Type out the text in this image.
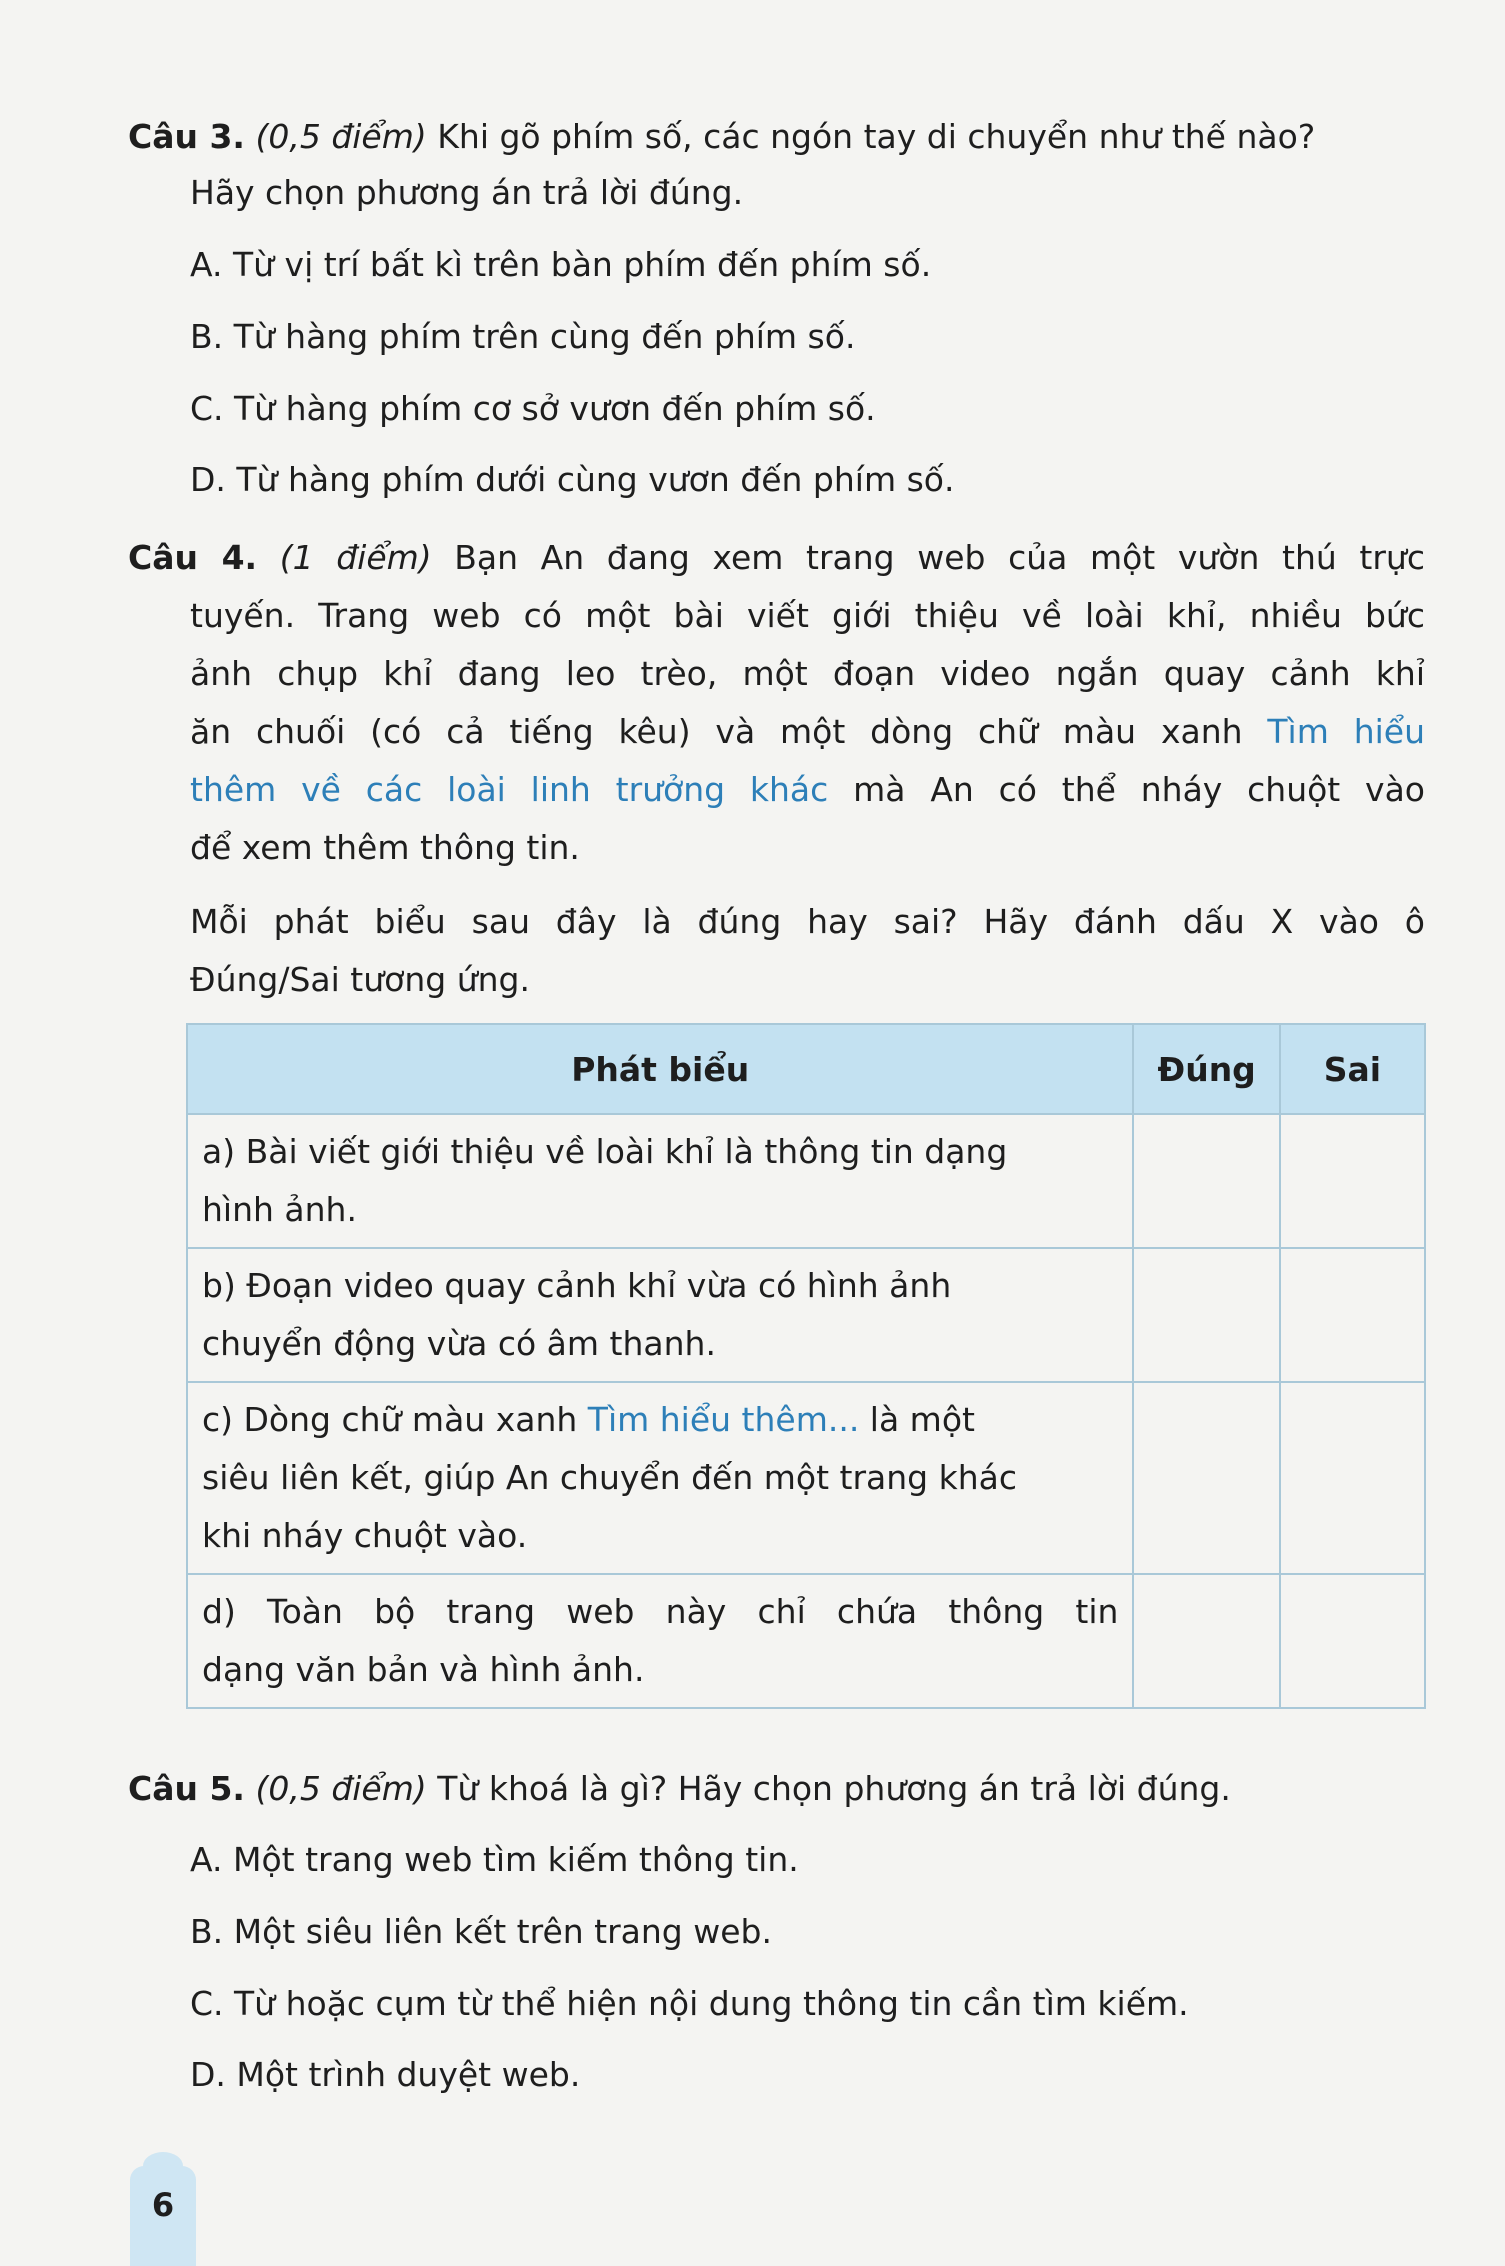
Câu 3. (0,5 điểm) Khi gõ phím số, các ngón tay di chuyển như thế nào?
Hãy chọn phương án trả lời đúng.
A. Từ vị trí bất kì trên bàn phím đến phím số.
B. Từ hàng phím trên cùng đến phím số.
C. Từ hàng phím cơ sở vươn đến phím số.
D. Từ hàng phím dưới cùng vươn đến phím số.
Câu 4. (1 điểm) Bạn An đang xem trang web của một vườn thú trực
tuyến. Trang web có một bài viết giới thiệu về loài khỉ, nhiều bức
ảnh chụp khỉ đang leo trèo, một đoạn video ngắn quay cảnh khỉ
ăn chuối (có cả tiếng kêu) và một dòng chữ màu xanh Tìm hiểu
thêm về các loài linh trưởng khác mà An có thể nháy chuột vào
để xem thêm thông tin.
Mỗi phát biểu sau đây là đúng hay sai? Hãy đánh dấu X vào ô
Đúng/Sai tương ứng.
Phát biểu	Đúng	Sai

a) Bài viết giới thiệu về loài khỉ là thông tin dạng
hình ảnh.		

b) Đoạn video quay cảnh khỉ vừa có hình ảnh
chuyển động vừa có âm thanh.		

c) Dòng chữ màu xanh Tìm hiểu thêm... là một
siêu liên kết, giúp An chuyển đến một trang khác
khi nháy chuột vào.		

d) Toàn bộ trang web này chỉ chứa thông tin
dạng văn bản và hình ảnh.		

Câu 5. (0,5 điểm) Từ khoá là gì? Hãy chọn phương án trả lời đúng.
A. Một trang web tìm kiếm thông tin.
B. Một siêu liên kết trên trang web.
C. Từ hoặc cụm từ thể hiện nội dung thông tin cần tìm kiếm.
D. Một trình duyệt web.
6
